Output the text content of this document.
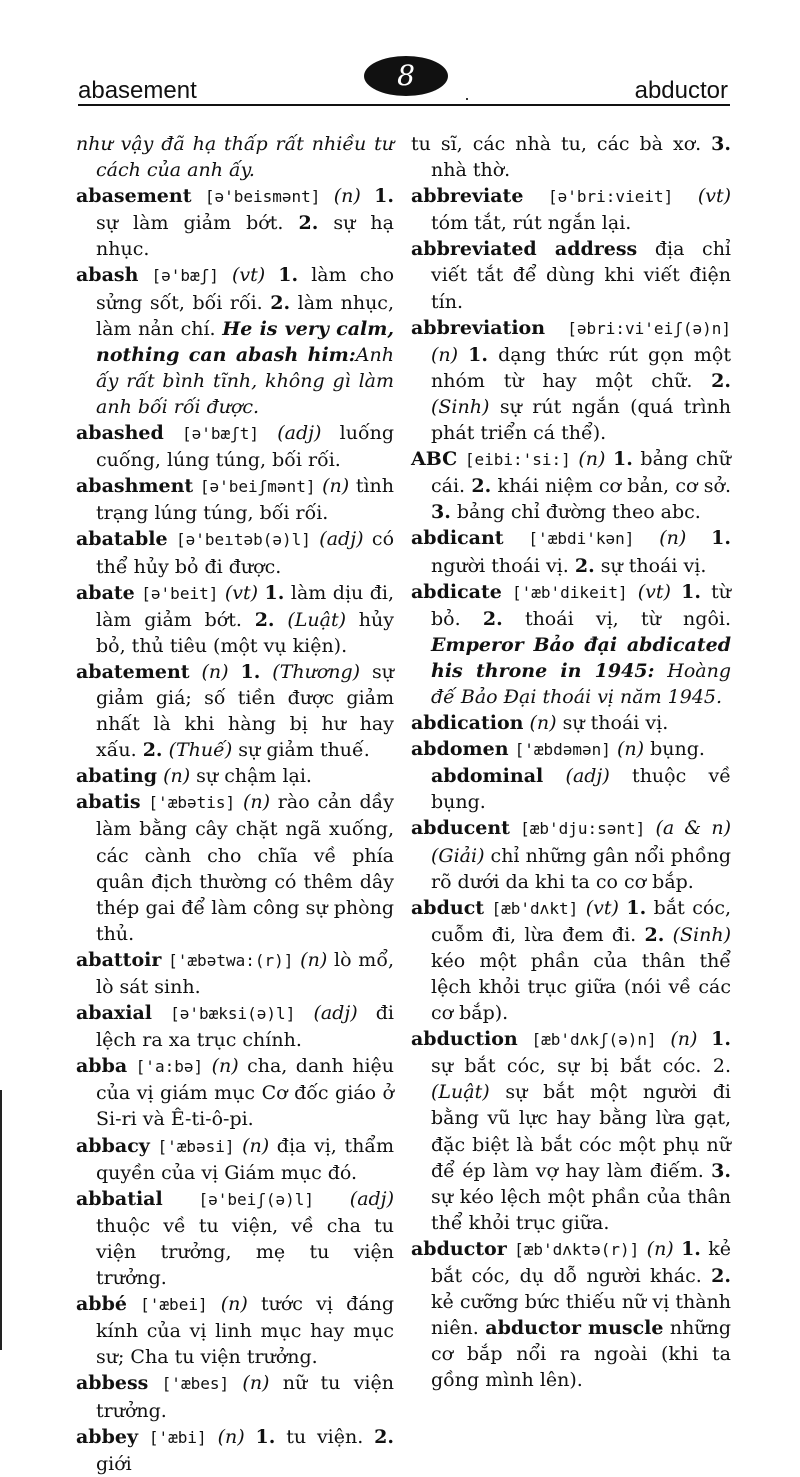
abasement	8	abductor

như vậy đã hạ thấp rất nhiều tư cách của anh ấy.

abasement [ə'beismənt] (n) 1. sự làm giảm bớt. 2. sự hạ nhục.

abash [ə'bæʃ] (vt) 1. làm cho sửng sốt, bối rối. 2. làm nhục, làm nản chí. He is very calm, nothing can abash him:Anh ấy rất bình tĩnh, không gì làm anh bối rối được.

abashed [ə'bæʃt] (adj) luống cuống, lúng túng, bối rối.

abashment [ə'beiʃmənt] (n) tình trạng lúng túng, bối rối.

abatable [ə'beıtəb(ə)l] (adj) có thể hủy bỏ đi được.

abate [ə'beit] (vt) 1. làm dịu đi, làm giảm bớt. 2. (Luật) hủy bỏ, thủ tiêu (một vụ kiện).

abatement (n) 1. (Thương) sự giảm giá; số tiền được giảm nhất là khi hàng bị hư hay xấu. 2. (Thuế) sự giảm thuế.

abating (n) sự chậm lại.

abatis ['æbətis] (n) rào cản dầy làm bằng cây chặt ngã xuống, các cành cho chĩa về phía quân địch thường có thêm dây thép gai để làm công sự phòng thủ.

abattoir ['æbətwa:(r)] (n) lò mổ, lò sát sinh.

abaxial [ə'bæksi(ə)l] (adj) đi lệch ra xa trục chính.

abba ['a:bə] (n) cha, danh hiệu của vị giám mục Cơ đốc giáo ở Si-ri và Ê-ti-ô-pi.

abbacy ['æbəsi] (n) địa vị, thẩm quyền của vị Giám mục đó.

abbatial [ə'beiʃ(ə)l] (adj) thuộc về tu viện, về cha tu viện trưởng, mẹ tu viện trưởng.

abbé ['æbei] (n) tước vị đáng kính của vị linh mục hay mục sư; Cha tu viện trưởng.

abbess ['æbes] (n) nữ tu viện trưởng.

abbey ['æbi] (n) 1. tu viện. 2. giới

tu sĩ, các nhà tu, các bà xơ. 3. nhà thờ.

abbreviate [ə'bri:vieit] (vt) tóm tắt, rút ngắn lại.

abbreviated address địa chỉ viết tắt để dùng khi viết điện tín.

abbreviation [əbri:vi'eiʃ(ə)n] (n) 1. dạng thức rút gọn một nhóm từ hay một chữ. 2. (Sinh) sự rút ngắn (quá trình phát triển cá thể).

ABC [eibi:'si:] (n) 1. bảng chữ cái. 2. khái niệm cơ bản, cơ sở. 3. bảng chỉ đường theo abc.

abdicant ['æbdi'kən] (n) 1. người thoái vị. 2. sự thoái vị.

abdicate ['æb'dikeit] (vt) 1. từ bỏ. 2. thoái vị, từ ngôi. Emperor Bảo đại abdicated his throne in 1945: Hoàng đế Bảo Đại thoái vị năm 1945.

abdication (n) sự thoái vị.

abdomen ['æbdəmən] (n) bụng.

abdominal (adj) thuộc về bụng.

abducent [æb'dju:sənt] (a & n) (Giải) chỉ những gân nổi phồng rõ dưới da khi ta co cơ bắp.

abduct [æb'dʌkt] (vt) 1. bắt cóc, cuỗm đi, lừa đem đi. 2. (Sinh) kéo một phần của thân thể lệch khỏi trục giữa (nói về các cơ bắp).

abduction [æb'dʌkʃ(ə)n] (n) 1. sự bắt cóc, sự bị bắt cóc. 2. (Luật) sự bắt một người đi bằng vũ lực hay bằng lừa gạt, đặc biệt là bắt cóc một phụ nữ để ép làm vợ hay làm điếm. 3. sự kéo lệch một phần của thân thể khỏi trục giữa.

abductor [æb'dʌktə(r)] (n) 1. kẻ bắt cóc, dụ dỗ người khác. 2. kẻ cưỡng bức thiếu nữ vị thành niên. abductor muscle những cơ bắp nổi ra ngoài (khi ta gồng mình lên).
